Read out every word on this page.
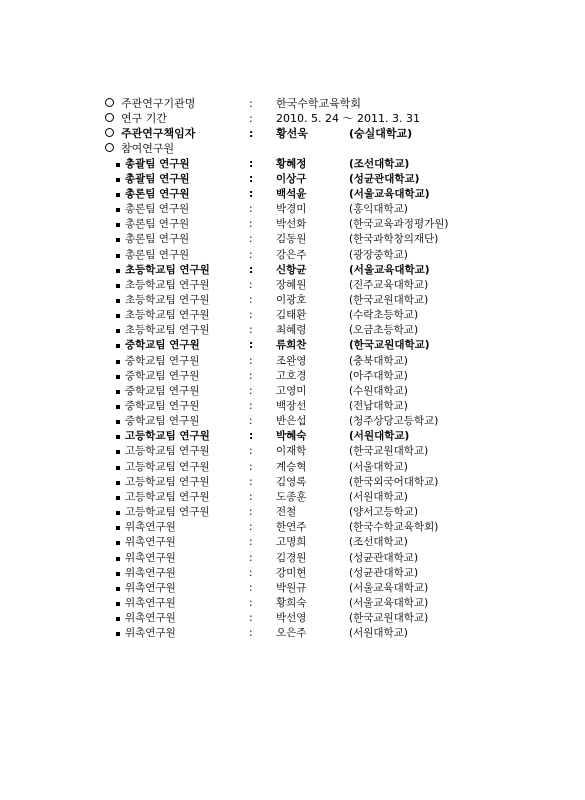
주관연구기관명	: 한국수학교육학회
연구 기간	: 2010. 5. 24 ～ 2011. 3. 31
주관연구책임자	: 황선욱	(숭실대학교)
참여연구원
총괄팀 연구원	: 황혜정	(조선대학교)
총괄팀 연구원	: 이상구	(성균관대학교)
총론팀 연구원	: 백석윤	(서울교육대학교)
총론팀 연구원	: 박경미	(홍익대학교)
총론팀 연구원	: 박선화	(한국교육과정평가원)
총론팀 연구원	: 김동원	(한국과학창의재단)
총론팀 연구원	: 강은주	(광장중학교)
초등학교팀 연구원	: 신항균	(서울교육대학교)
초등학교팀 연구원	: 장혜원	(진주교육대학교)
초등학교팀 연구원	: 이광호	(한국교원대학교)
초등학교팀 연구원	: 김태환	(수락초등학교)
초등학교팀 연구원	: 최혜령	(오금초등학교)
중학교팀 연구원	: 류희찬	(한국교원대학교)
중학교팀 연구원	: 조완영	(충북대학교)
중학교팀 연구원	: 고호경	(아주대학교)
중학교팀 연구원	: 고영미	(수원대학교)
중학교팀 연구원	: 백장선	(전남대학교)
중학교팀 연구원	: 반은섭	(청주상당고등학교)
고등학교팀 연구원	: 박혜숙	(서원대학교)
고등학교팀 연구원	: 이재학	(한국교원대학교)
고등학교팀 연구원	: 계승혁	(서울대학교)
고등학교팀 연구원	: 김영록	(한국외국어대학교)
고등학교팀 연구원	: 도종훈	(서원대학교)
고등학교팀 연구원	: 전철	(양서고등학교)
위촉연구원	: 한연주	(한국수학교육학회)
위촉연구원	: 고명희	(조선대학교)
위촉연구원	: 김경원	(성균관대학교)
위촉연구원	: 강미현	(성균관대학교)
위촉연구원	: 박원규	(서울교육대학교)
위촉연구원	: 황희숙	(서울교육대학교)
위촉연구원	: 박선영	(한국교원대학교)
위촉연구원	: 오은주	(서원대학교)
